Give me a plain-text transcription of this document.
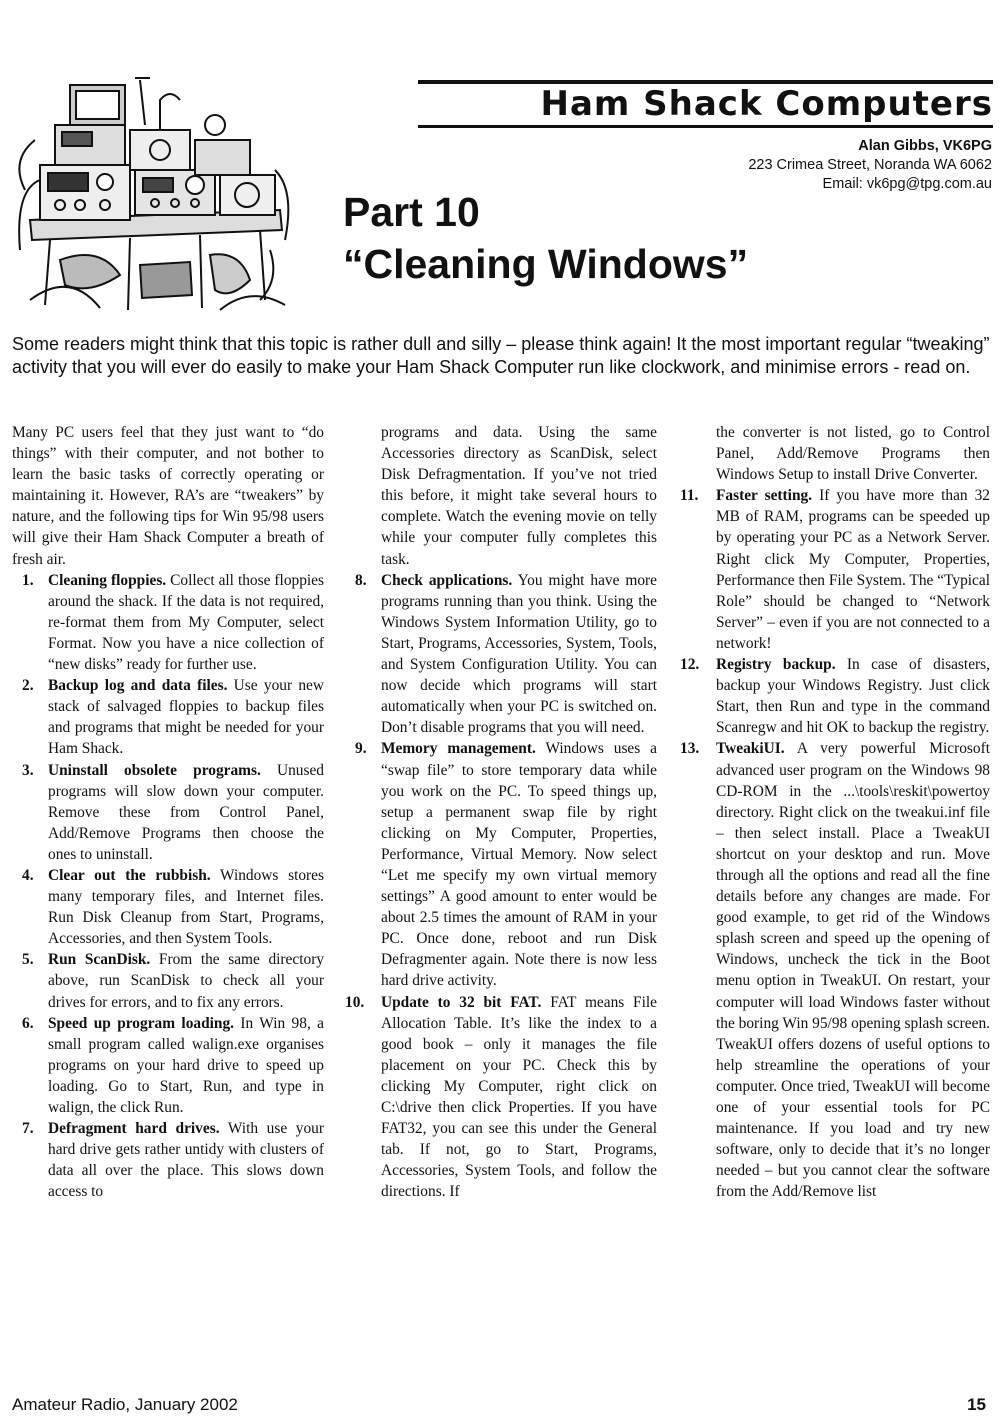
Ham Shack Computers
Alan Gibbs, VK6PG
223 Crimea Street, Noranda WA 6062
Email: vk6pg@tpg.com.au
Part 10
“Cleaning Windows”
Some readers might think that this topic is rather dull and silly – please think again! It the most important regular “tweaking” activity that you will ever do easily to make your Ham Shack Computer run like clockwork, and minimise errors - read on.

Many PC users feel that they just want to “do things” with their computer, and not bother to learn the basic tasks of correctly operating or maintaining it. However, RA’s are “tweakers” by nature, and the following tips for Win 95/98 users will give their Ham Shack Computer a breath of fresh air.

1. Cleaning floppies. Collect all those floppies around the shack. If the data is not required, re-format them from My Computer, select Format. Now you have a nice collection of “new disks” ready for further use.
2. Backup log and data files. Use your new stack of salvaged floppies to backup files and programs that might be needed for your Ham Shack.
3. Uninstall obsolete programs. Unused programs will slow down your computer. Remove these from Control Panel, Add/Remove Programs then choose the ones to uninstall.
4. Clear out the rubbish. Windows stores many temporary files, and Internet files. Run Disk Cleanup from Start, Programs, Accessories, and then System Tools.
5. Run ScanDisk. From the same directory above, run ScanDisk to check all your drives for errors, and to fix any errors.
6. Speed up program loading. In Win 98, a small program called walign.exe organises programs on your hard drive to speed up loading. Go to Start, Run, and type in walign, the click Run.
7. Defragment hard drives. With use your hard drive gets rather untidy with clusters of data all over the place. This slows down access to
programs and data. Using the same Accessories directory as ScanDisk, select Disk Defragmentation. If you’ve not tried this before, it might take several hours to complete. Watch the evening movie on telly while your computer fully completes this task.
8. Check applications. You might have more programs running than you think. Using the Windows System Information Utility, go to Start, Programs, Accessories, System, Tools, and System Configuration Utility. You can now decide which programs will start automatically when your PC is switched on. Don’t disable programs that you will need.
9. Memory management. Windows uses a “swap file” to store temporary data while you work on the PC. To speed things up, setup a permanent swap file by right clicking on My Computer, Properties, Performance, Virtual Memory. Now select “Let me specify my own virtual memory settings” A good amount to enter would be about 2.5 times the amount of RAM in your PC. Once done, reboot and run Disk Defragmenter again. Note there is now less hard drive activity.
10. Update to 32 bit FAT. FAT means File Allocation Table. It’s like the index to a good book – only it manages the file placement on your PC. Check this by clicking My Computer, right click on C:\drive then click Properties. If you have FAT32, you can see this under the General tab. If not, go to Start, Programs, Accessories, System Tools, and follow the directions. If
the converter is not listed, go to Control Panel, Add/Remove Programs then Windows Setup to install Drive Converter.
11. Faster setting. If you have more than 32 MB of RAM, programs can be speeded up by operating your PC as a Network Server. Right click My Computer, Properties, Performance then File System. The “Typical Role” should be changed to “Network Server” – even if you are not connected to a network!
12. Registry backup. In case of disasters, backup your Windows Registry. Just click Start, then Run and type in the command Scanregw and hit OK to backup the registry.
13. TweakiUI. A very powerful Microsoft advanced user program on the Windows 98 CD-ROM in the ...\tools\reskit\powertoy directory. Right click on the tweakui.inf file – then select install. Place a TweakUI shortcut on your desktop and run. Move through all the options and read all the fine details before any changes are made. For good example, to get rid of the Windows splash screen and speed up the opening of Windows, uncheck the tick in the Boot menu option in TweakUI. On restart, your computer will load Windows faster without the boring Win 95/98 opening splash screen. TweakUI offers dozens of useful options to help streamline the operations of your computer. Once tried, TweakUI will become one of your essential tools for PC maintenance. If you load and try new software, only to decide that it’s no longer needed – but you cannot clear the software from the Add/Remove list
Amateur Radio, January 2002	15
